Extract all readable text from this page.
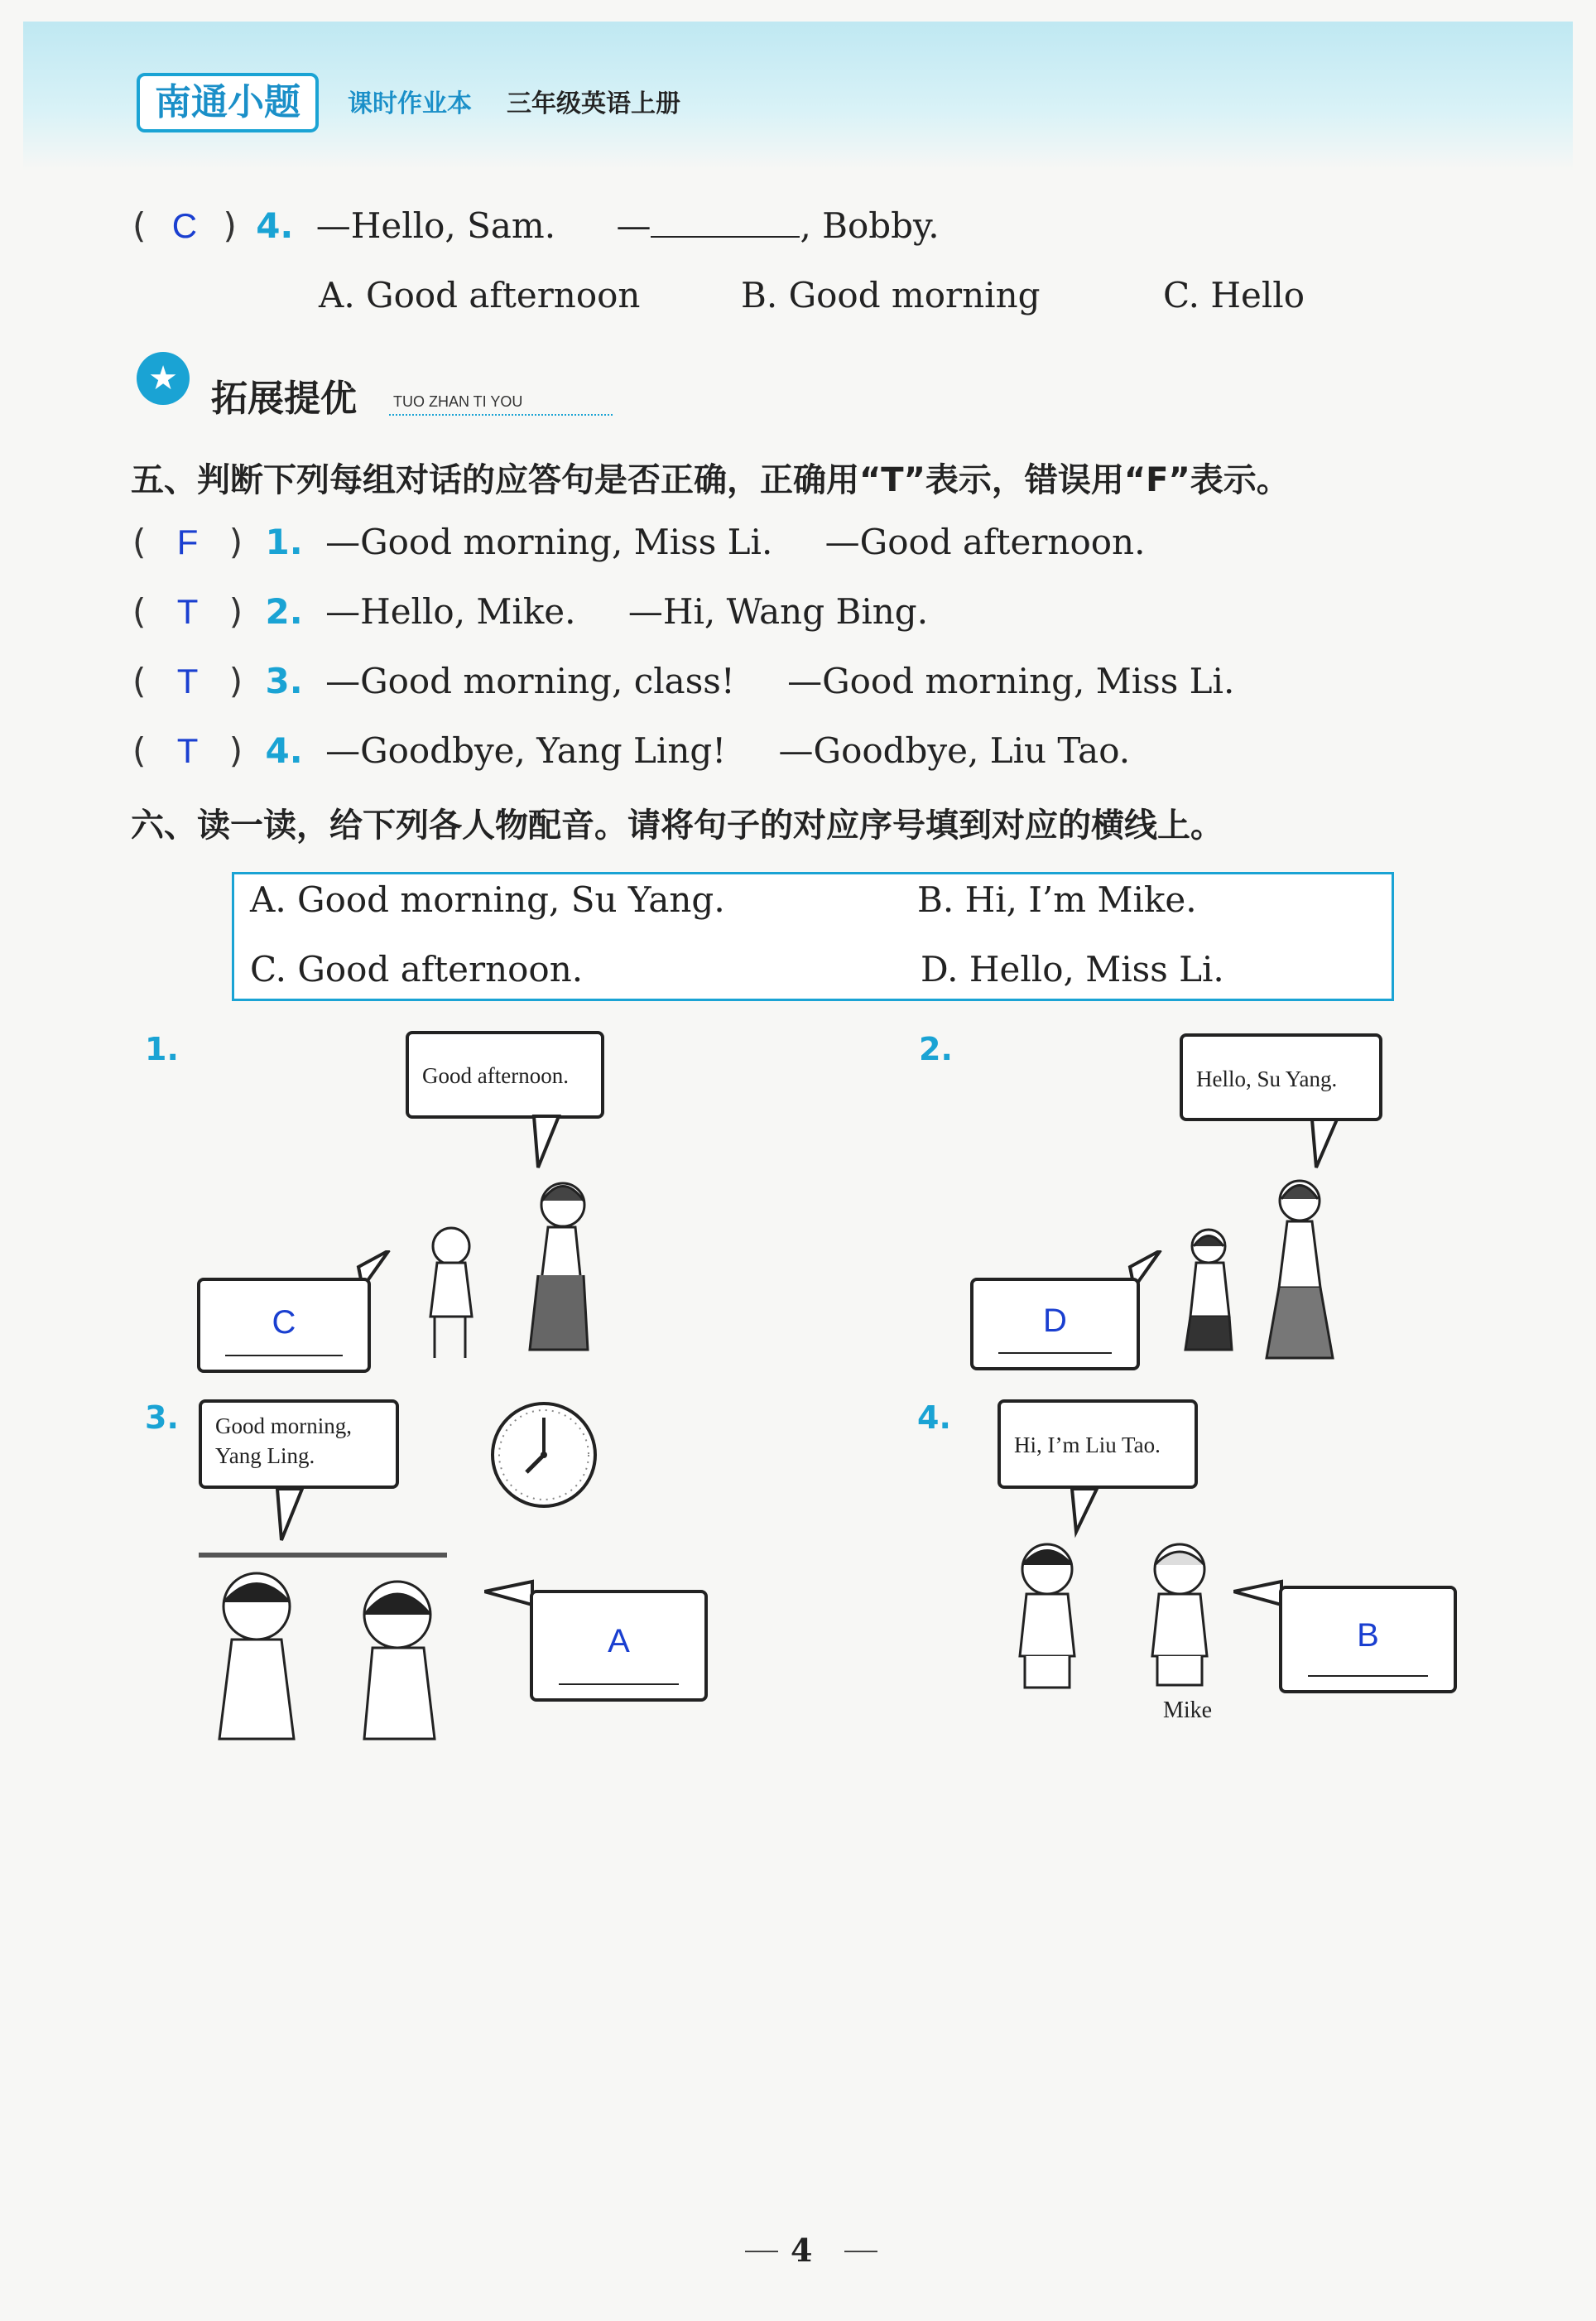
南通小题	课时作业本 三年级英语上册
( C ) 4. —Hello, Sam. —	, Bobby.
A. Good afternoon	B. Good morning	C. Hello
★ 拓展提优 TUO ZHAN TI YOU
五、判断下列每组对话的应答句是否正确，正确用“T”表示，错误用“F”表示。
( F ) 1. —Good morning, Miss Li. —Good afternoon.
( T ) 2. —Hello, Mike. —Hi, Wang Bing.
( T ) 3. —Good morning, class! —Good morning, Miss Li.
( T ) 4. —Goodbye, Yang Ling! —Goodbye, Liu Tao.
六、读一读，给下列各人物配音。请将句子的对应序号填到对应的横线上。
A. Good morning, Su Yang.	B. Hi, I’m Mike.
C. Good afternoon.	D. Hello, Miss Li.
1.
Good afternoon.
C
2.
Hello, Su Yang.
D
3. Good morning,
Yang Ling.
A
4.
Hi, I’m Liu Tao.
Mike
B
4
